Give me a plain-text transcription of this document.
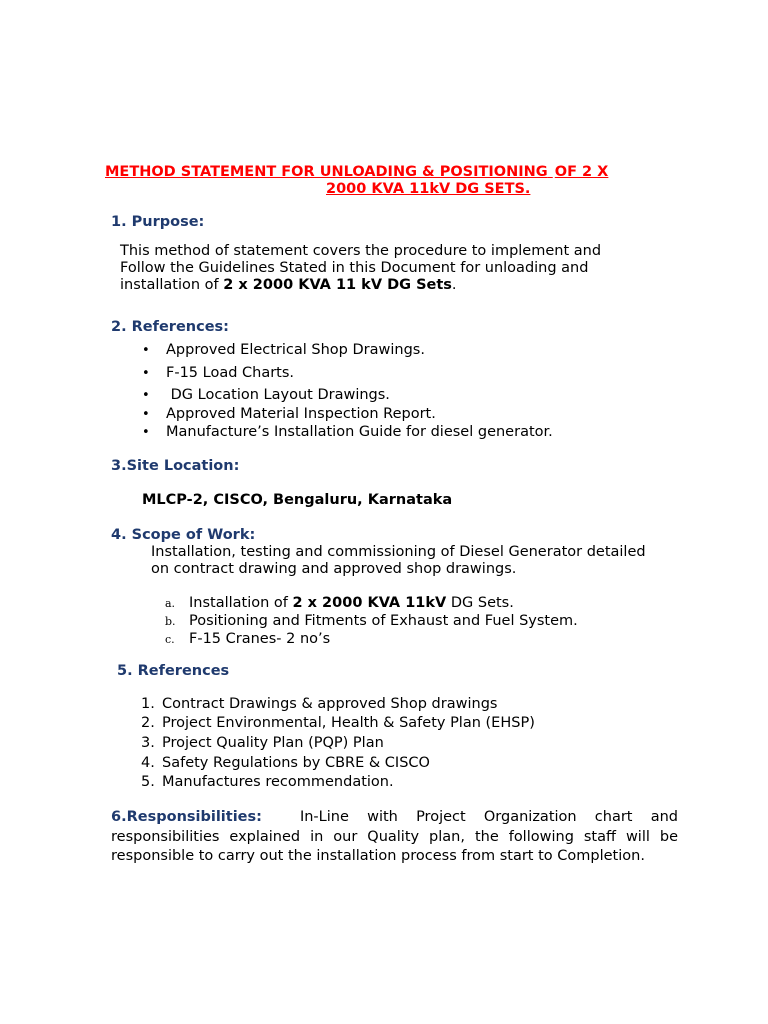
METHOD STATEMENT FOR UNLOADING & POSITIONING OF 2 X
2000 KVA 11kV DG SETS.
1. Purpose:
This method of statement covers the procedure to implement and
Follow the Guidelines Stated in this Document for unloading and
installation of 2 x 2000 KVA 11 kV DG Sets.
2. References:
• Approved Electrical Shop Drawings.
• F-15 Load Charts.
• DG Location Layout Drawings.
• Approved Material Inspection Report.
• Manufacture’s Installation Guide for diesel generator.
3.Site Location:
MLCP-2, CISCO, Bengaluru, Karnataka
4. Scope of Work:
Installation, testing and commissioning of Diesel Generator detailed
on contract drawing and approved shop drawings.
a. Installation of 2 x 2000 KVA 11kV DG Sets.
b. Positioning and Fitments of Exhaust and Fuel System.
c. F-15 Cranes- 2 no’s
5. References
1. Contract Drawings & approved Shop drawings
2. Project Environmental, Health & Safety Plan (EHSP)
3. Project Quality Plan (PQP) Plan
4. Safety Regulations by CBRE & CISCO
5. Manufactures recommendation.
6.Responsibilities:	In-Line with Project Organization chart and responsibilities explained in our Quality plan, the following staff will be responsible to carry out the installation process from start to Completion.
